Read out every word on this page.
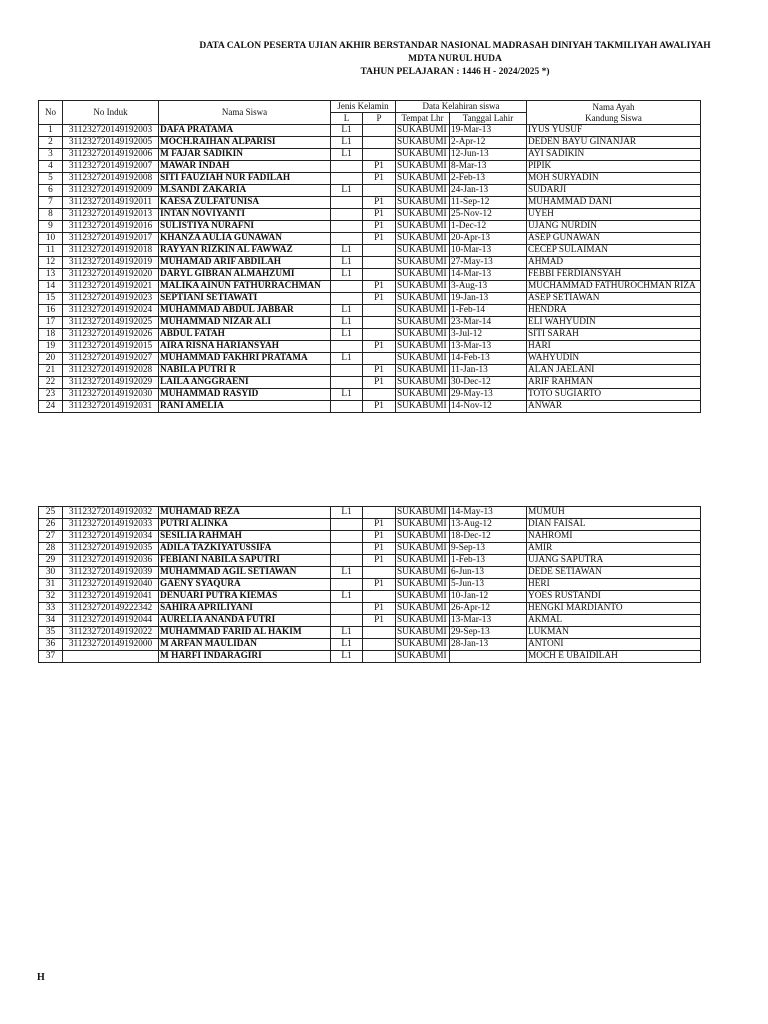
DATA CALON PESERTA UJIAN AKHIR BERSTANDAR NASIONAL MADRASAH DINIYAH TAKMILIYAH AWALIYAH
MDTA NURUL HUDA
TAHUN PELAJARAN : 1446 H - 2024/2025 *)
No	No Induk	Nama Siswa	Jenis Kelamin		Data Kelahiran siswa		Nama Ayah
Kandung Siswa

			L	P	Tempat Lhr	Tanggal Lahir	
1	311232720149192003	DAFA PRATAMA	L1		SUKABUMI	19-Mar-13	IYUS YUSUF
2	311232720149192005	MOCH.RAIHAN ALPARISI	L1		SUKABUMI	2-Apr-12	DEDEN BAYU GINANJAR
3	311232720149192006	M FAJAR SADIKIN	L1		SUKABUMI	12-Jun-13	AYI SADIKIN
4	311232720149192007	MAWAR INDAH		P1	SUKABUMI	8-Mar-13	PIPIK
5	311232720149192008	SITI FAUZIAH NUR FADILAH		P1	SUKABUMI	2-Feb-13	MOH SURYADIN
6	311232720149192009	M.SANDI ZAKARIA	L1		SUKABUMI	24-Jan-13	SUDARJI
7	311232720149192011	KAESA ZULFATUNISA		P1	SUKABUMI	11-Sep-12	MUHAMMAD DANI
8	311232720149192013	INTAN NOVIYANTI		P1	SUKABUMI	25-Nov-12	UYEH
9	311232720149192016	SULISTIYA NURAFNI		P1	SUKABUMI	1-Dec-12	UJANG NURDIN
10	311232720149192017	KHANZA AULIA GUNAWAN		P1	SUKABUMI	20-Apr-13	ASEP GUNAWAN
11	311232720149192018	RAYYAN RIZKIN AL FAWWAZ	L1		SUKABUMI	10-Mar-13	CECEP SULAIMAN
12	311232720149192019	MUHAMAD ARIF ABDILAH	L1		SUKABUMI	27-May-13	AHMAD
13	311232720149192020	DARYL GIBRAN ALMAHZUMI	L1		SUKABUMI	14-Mar-13	FEBBI FERDIANSYAH
14	311232720149192021	MALIKA AINUN FATHURRACHMAN		P1	SUKABUMI	3-Aug-13	MUCHAMMAD FATHUROCHMAN RIZA
15	311232720149192023	SEPTIANI SETIAWATI		P1	SUKABUMI	19-Jan-13	ASEP SETIAWAN
16	311232720149192024	MUHAMMAD ABDUL JABBAR	L1		SUKABUMI	1-Feb-14	HENDRA
17	311232720149192025	MUHAMMAD NIZAR ALI	L1		SUKABUMI	23-Mar-14	ELI WAHYUDIN
18	311232720149192026	ABDUL FATAH	L1		SUKABUMI	3-Jul-12	SITI SARAH
19	311232720149192015	AIRA RISNA HARIANSYAH		P1	SUKABUMI	13-Mar-13	HARI
20	311232720149192027	MUHAMMAD FAKHRI PRATAMA	L1		SUKABUMI	14-Feb-13	WAHYUDIN
21	311232720149192028	NABILA PUTRI R		P1	SUKABUMI	11-Jan-13	ALAN JAELANI
22	311232720149192029	LAILA ANGGRAENI		P1	SUKABUMI	30-Dec-12	ARIF RAHMAN
23	311232720149192030	MUHAMMAD RASYID	L1		SUKABUMI	29-May-13	TOTO SUGIARTO
24	311232720149192031	RANI AMELIA		P1	SUKABUMI	14-Nov-12	ANWAR
25	311232720149192032	MUHAMAD REZA	L1		SUKABUMI	14-May-13	MUMUH
26	311232720149192033	PUTRI ALINKA		P1	SUKABUMI	13-Aug-12	DIAN FAISAL
27	311232720149192034	SESILIA RAHMAH		P1	SUKABUMI	18-Dec-12	NAHROMI
28	311232720149192035	ADILA TAZKIYATUSSIFA		P1	SUKABUMI	9-Sep-13	AMIR
29	311232720149192036	FEBIANI NABILA SAPUTRI		P1	SUKABUMI	1-Feb-13	UJANG SAPUTRA
30	311232720149192039	MUHAMMAD AGIL SETIAWAN	L1		SUKABUMI	6-Jun-13	DEDE SETIAWAN
31	311232720149192040	GAENY SYAQURA		P1	SUKABUMI	5-Jun-13	HERI
32	311232720149192041	DENUARI PUTRA KIEMAS	L1		SUKABUMI	10-Jan-12	YOES RUSTANDI
33	311232720149222342	SAHIRA APRILIYANI		P1	SUKABUMI	26-Apr-12	HENGKI MARDIANTO
34	311232720149192044	AURELIA ANANDA FUTRI		P1	SUKABUMI	13-Mar-13	AKMAL
35	311232720149192022	MUHAMMAD FARID AL HAKIM	L1		SUKABUMI	29-Sep-13	LUKMAN
36	311232720149192000	M ARFAN MAULIDAN	L1		SUKABUMI	28-Jan-13	ANTONI
37		M HARFI INDARAGIRI	L1		SUKABUMI		MOCH E UBAIDILAH
H
